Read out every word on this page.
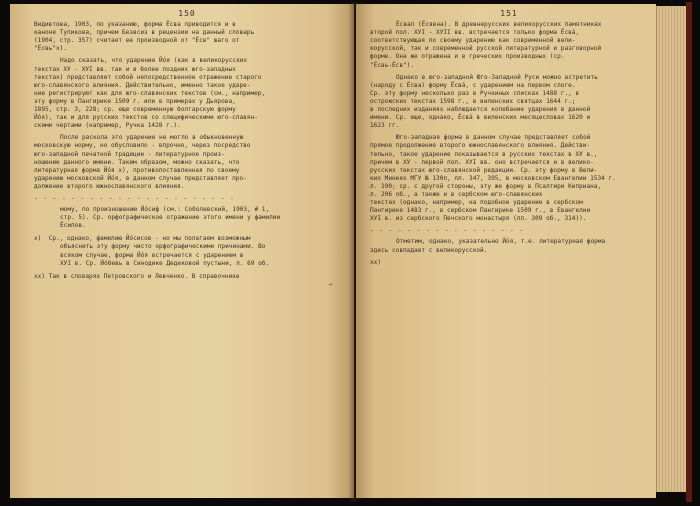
150
Видивтова, 1903, по указанию, форма Ёсва приводится и в
каноне Тупикова, причем Безвсиз в рецензии на данный словарь
(1904, стр. 357) считает ее производной от "Ёсв" шаго от
"Ёсвь"x).
Надо сказать, что ударение Йо́я (как в великорусских
текстах ХУ - ХУI вв. так и в более поздних юго-западных
текстах) представляет собой непосредственное отражение старого
юго-славянского влияния. Действительно, именно такое ударе-
ние регистрируют как для юго-славянских текстов (см., например,
эту форму в Пангирике 1509 г. или в примерах у Дьярова,
1895, стр. 3, 228; ср. еще современную болгарскую форму
Йо́я), так и для русских текстов со специфическими юго-славян-
скими чертами (например, Ручка 1428 г.).
После раскола это ударение не могло в обыкновенную
московскую норму, но обусловило - впрочно, через посредство
юго-западной печатной традиции - литературное произ-
ношение данного имени. Таким образом, можно сказать, что
литературная форма Йо́я х), противопоставленная по своему
ударению московской Йо́я, в данном случае представляет про-
должение второго южнославянского влияния.
- - - - - - - - - - - - - - - - - - - - - -
мому, по произношению Йо́сиф (см.: Соболевский, 1903, # 1,
стр. 5). Ср. орфографическое отражение этого имени у фамилии
Ёсипов.
х) Ср., однако, фамилию Йо́сисов - но мы полагаем возможным
объяснить эту форму чисто орфографическими причинами. Во
всяком случае, форма Йо́я встречается с ударением в
ХУI в. Ср. Йо́бевь в Синодике Дедековой пустыни, л. 69 об.
хх) Так в словарях Петровского и Левченко. В справочнике
→
151
Ёсвал (Ёсявна). В древнерусских великорусских памятниках
второй пол. ХУI - ХУII вв. встречается только форма Ёсва́,
соответствующая по своему ударению как современной вели-
корусской, так и современной русской литературной и разговорной
форме. Она же отражена и в греческих производных (ср.
"Ёсвь-Ёсв").
Однако в юго-западной Юго-Западной Руси можно встретить
(наряду с Ёсва) форму Ёсва́, с ударением на первом слоге.
Ср. эту форму несколько раз в Ручкиных списках 1488 г., в
острожских текстах 1598 г., в виленских святцах 1644 г.;
в последних изданиях наблюдается колебание ударения в данной
имени. Ср. еще, однако, Ёсва́ в виленских месяцесловах 1620 и
1623 гг.
Юго-западная форма в данном случае представляет собой
прямое продолжение второго южнославянского влияния. Действи-
тельно, такое ударение показывается в русских текстах в ХУ в.,
причем в ХУ - первой пол. ХУI вв. оно встречается и в велико-
русских текстах юго-славянской редакции. Ср. эту форму в Вели-
ких Минеях МГУ № 130л, лл. 347, 395, в московском Евангелии 1534 г.
л. 190; ср. с другой стороны, эту же форму в Псалтири Киприана,
л. 206 об., а также и в сербском юго-славянских
текстах (однако, например, на подобное ударение в сербском
Пангирике 1483 г., в сербском Пангирике 1509 г., в Евангелии
ХУI в. из сербского Печского монастыря (лл. 309 об., 314)).
- - - - - - - - - - - - - - - - -
Отметим, однако, указательно Йо́я, т.е. литературная форма
здесь совпадает с великорусской.
хх)
